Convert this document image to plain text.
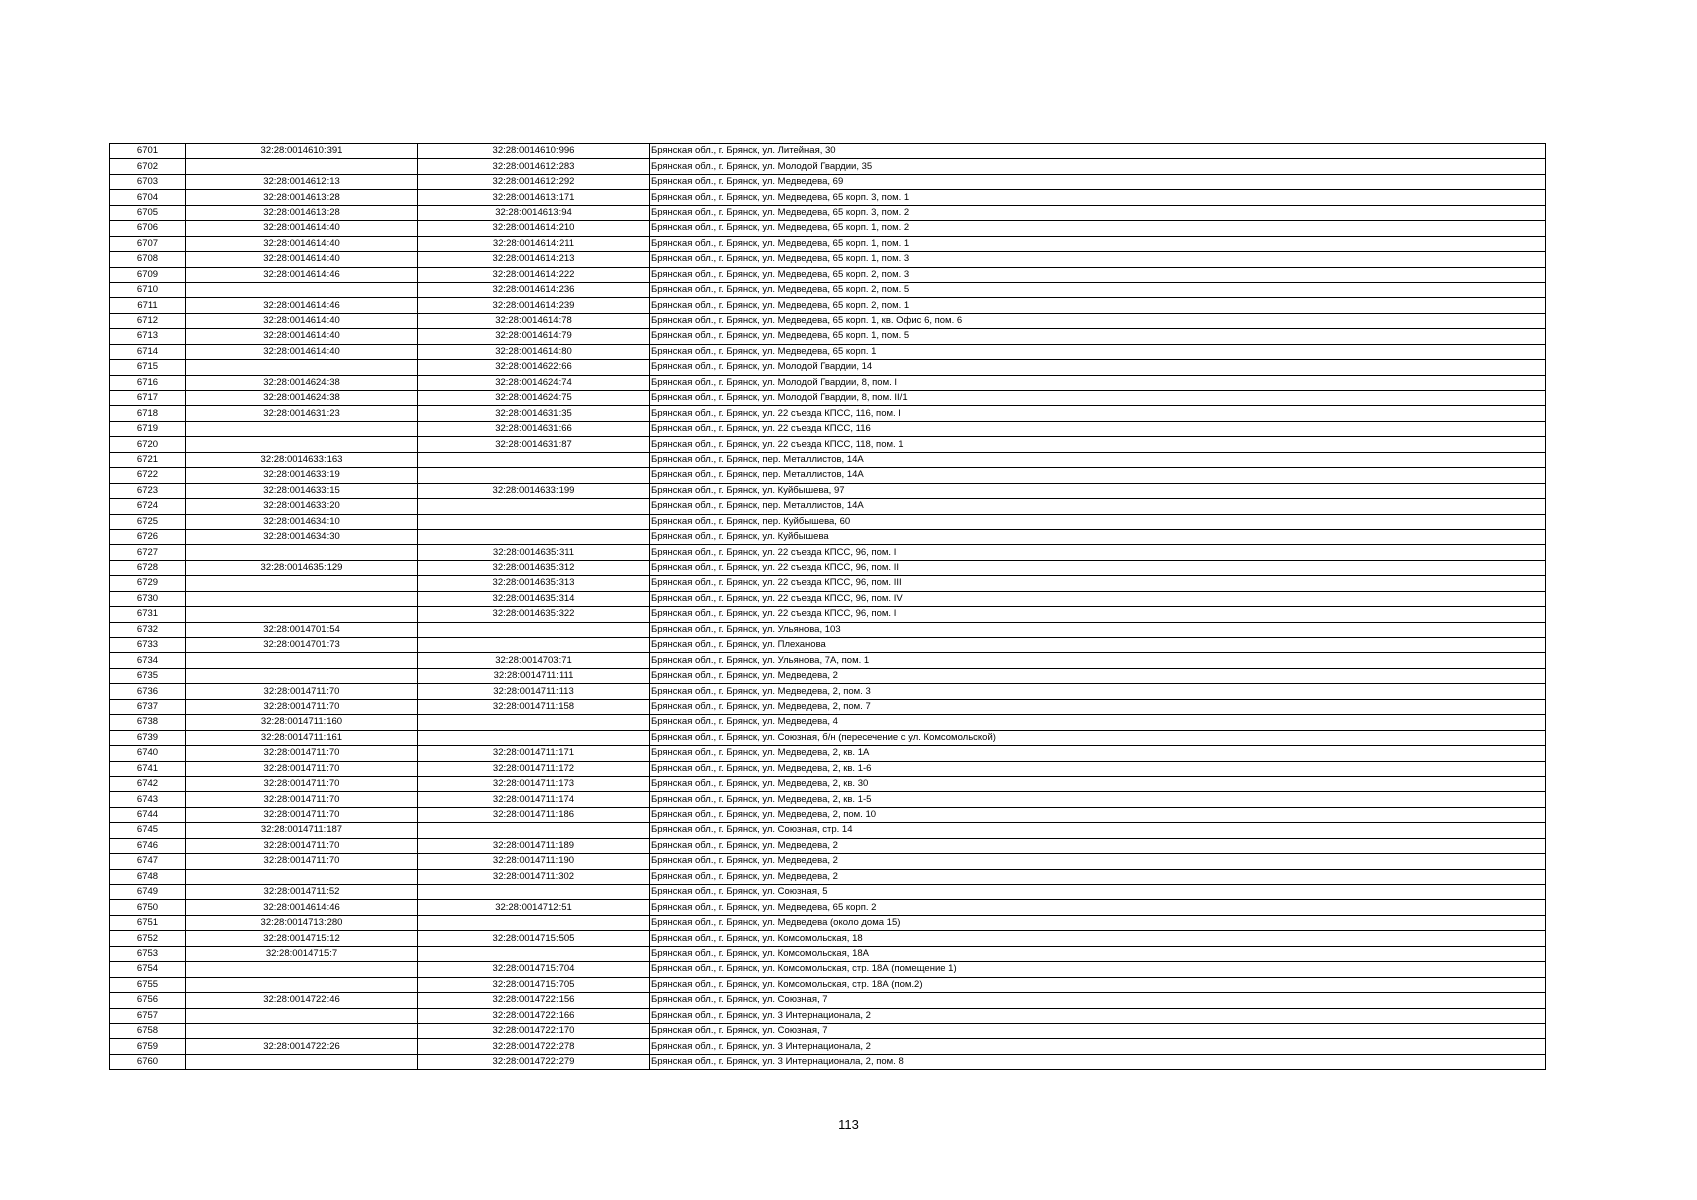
6701	32:28:0014610:391	32:28:0014610:996	Брянская обл., г. Брянск, ул. Литейная, 30
6702		32:28:0014612:283	Брянская обл., г. Брянск, ул. Молодой Гвардии, 35
6703	32:28:0014612:13	32:28:0014612:292	Брянская обл., г. Брянск, ул. Медведева, 69
6704	32:28:0014613:28	32:28:0014613:171	Брянская обл., г. Брянск, ул. Медведева, 65 корп. 3, пом. 1
6705	32:28:0014613:28	32:28:0014613:94	Брянская обл., г. Брянск, ул. Медведева, 65 корп. 3, пом. 2
6706	32:28:0014614:40	32:28:0014614:210	Брянская обл., г. Брянск, ул. Медведева, 65 корп. 1, пом. 2
6707	32:28:0014614:40	32:28:0014614:211	Брянская обл., г. Брянск, ул. Медведева, 65 корп. 1, пом. 1
6708	32:28:0014614:40	32:28:0014614:213	Брянская обл., г. Брянск, ул. Медведева, 65 корп. 1, пом. 3
6709	32:28:0014614:46	32:28:0014614:222	Брянская обл., г. Брянск, ул. Медведева, 65 корп. 2, пом. 3
6710		32:28:0014614:236	Брянская обл., г. Брянск, ул. Медведева, 65 корп. 2, пом. 5
6711	32:28:0014614:46	32:28:0014614:239	Брянская обл., г. Брянск, ул. Медведева, 65 корп. 2, пом. 1
6712	32:28:0014614:40	32:28:0014614:78	Брянская обл., г. Брянск, ул. Медведева, 65 корп. 1, кв. Офис 6, пом. 6
6713	32:28:0014614:40	32:28:0014614:79	Брянская обл., г. Брянск, ул. Медведева, 65 корп. 1, пом. 5
6714	32:28:0014614:40	32:28:0014614:80	Брянская обл., г. Брянск, ул. Медведева, 65 корп. 1
6715		32:28:0014622:66	Брянская обл., г. Брянск, ул. Молодой Гвардии, 14
6716	32:28:0014624:38	32:28:0014624:74	Брянская обл., г. Брянск, ул. Молодой Гвардии, 8, пом. I
6717	32:28:0014624:38	32:28:0014624:75	Брянская обл., г. Брянск, ул. Молодой Гвардии, 8, пом. II/1
6718	32:28:0014631:23	32:28:0014631:35	Брянская обл., г. Брянск, ул. 22 съезда КПСС, 116, пом. I
6719		32:28:0014631:66	Брянская обл., г. Брянск, ул. 22 съезда КПСС, 116
6720		32:28:0014631:87	Брянская обл., г. Брянск, ул. 22 съезда КПСС, 118, пом. 1
6721	32:28:0014633:163		Брянская обл., г. Брянск, пер. Металлистов, 14А
6722	32:28:0014633:19		Брянская обл., г. Брянск, пер. Металлистов, 14А
6723	32:28:0014633:15	32:28:0014633:199	Брянская обл., г. Брянск, ул. Куйбышева, 97
6724	32:28:0014633:20		Брянская обл., г. Брянск, пер. Металлистов, 14А
6725	32:28:0014634:10		Брянская обл., г. Брянск, пер. Куйбышева, 60
6726	32:28:0014634:30		Брянская обл., г. Брянск, ул. Куйбышева
6727		32:28:0014635:311	Брянская обл., г. Брянск, ул. 22 съезда КПСС, 96, пом. I
6728	32:28:0014635:129	32:28:0014635:312	Брянская обл., г. Брянск, ул. 22 съезда КПСС, 96, пом. II
6729		32:28:0014635:313	Брянская обл., г. Брянск, ул. 22 съезда КПСС, 96, пом. III
6730		32:28:0014635:314	Брянская обл., г. Брянск, ул. 22 съезда КПСС, 96, пом. IV
6731		32:28:0014635:322	Брянская обл., г. Брянск, ул. 22 съезда КПСС, 96, пом. I
6732	32:28:0014701:54		Брянская обл., г. Брянск, ул. Ульянова, 103
6733	32:28:0014701:73		Брянская обл., г. Брянск, ул. Плеханова
6734		32:28:0014703:71	Брянская обл., г. Брянск, ул. Ульянова, 7А, пом. 1
6735		32:28:0014711:111	Брянская обл., г. Брянск, ул. Медведева, 2
6736	32:28:0014711:70	32:28:0014711:113	Брянская обл., г. Брянск, ул. Медведева, 2, пом. 3
6737	32:28:0014711:70	32:28:0014711:158	Брянская обл., г. Брянск, ул. Медведева, 2, пом. 7
6738	32:28:0014711:160		Брянская обл., г. Брянск, ул. Медведева, 4
6739	32:28:0014711:161		Брянская обл., г. Брянск, ул. Союзная, б/н (пересечение с ул. Комсомольской)
6740	32:28:0014711:70	32:28:0014711:171	Брянская обл., г. Брянск, ул. Медведева, 2, кв. 1А
6741	32:28:0014711:70	32:28:0014711:172	Брянская обл., г. Брянск, ул. Медведева, 2, кв. 1-6
6742	32:28:0014711:70	32:28:0014711:173	Брянская обл., г. Брянск, ул. Медведева, 2, кв. 30
6743	32:28:0014711:70	32:28:0014711:174	Брянская обл., г. Брянск, ул. Медведева, 2, кв. 1-5
6744	32:28:0014711:70	32:28:0014711:186	Брянская обл., г. Брянск, ул. Медведева, 2, пом. 10
6745	32:28:0014711:187		Брянская обл., г. Брянск, ул. Союзная, стр. 14
6746	32:28:0014711:70	32:28:0014711:189	Брянская обл., г. Брянск, ул. Медведева, 2
6747	32:28:0014711:70	32:28:0014711:190	Брянская обл., г. Брянск, ул. Медведева, 2
6748		32:28:0014711:302	Брянская обл., г. Брянск, ул. Медведева, 2
6749	32:28:0014711:52		Брянская обл., г. Брянск, ул. Союзная, 5
6750	32:28:0014614:46	32:28:0014712:51	Брянская обл., г. Брянск, ул. Медведева, 65 корп. 2
6751	32:28:0014713:280		Брянская обл., г. Брянск, ул. Медведева (около дома 15)
6752	32:28:0014715:12	32:28:0014715:505	Брянская обл., г. Брянск, ул. Комсомольская, 18
6753	32:28:0014715:7		Брянская обл., г. Брянск, ул. Комсомольская, 18А
6754		32:28:0014715:704	Брянская обл., г. Брянск, ул. Комсомольская, стр. 18А (помещение 1)
6755		32:28:0014715:705	Брянская обл., г. Брянск, ул. Комсомольская, стр. 18А (пом.2)
6756	32:28:0014722:46	32:28:0014722:156	Брянская обл., г. Брянск, ул. Союзная, 7
6757		32:28:0014722:166	Брянская обл., г. Брянск, ул. 3 Интернационала, 2
6758		32:28:0014722:170	Брянская обл., г. Брянск, ул. Союзная, 7
6759	32:28:0014722:26	32:28:0014722:278	Брянская обл., г. Брянск, ул. 3 Интернационала, 2
6760		32:28:0014722:279	Брянская обл., г. Брянск, ул. 3 Интернационала, 2, пом. 8
113
